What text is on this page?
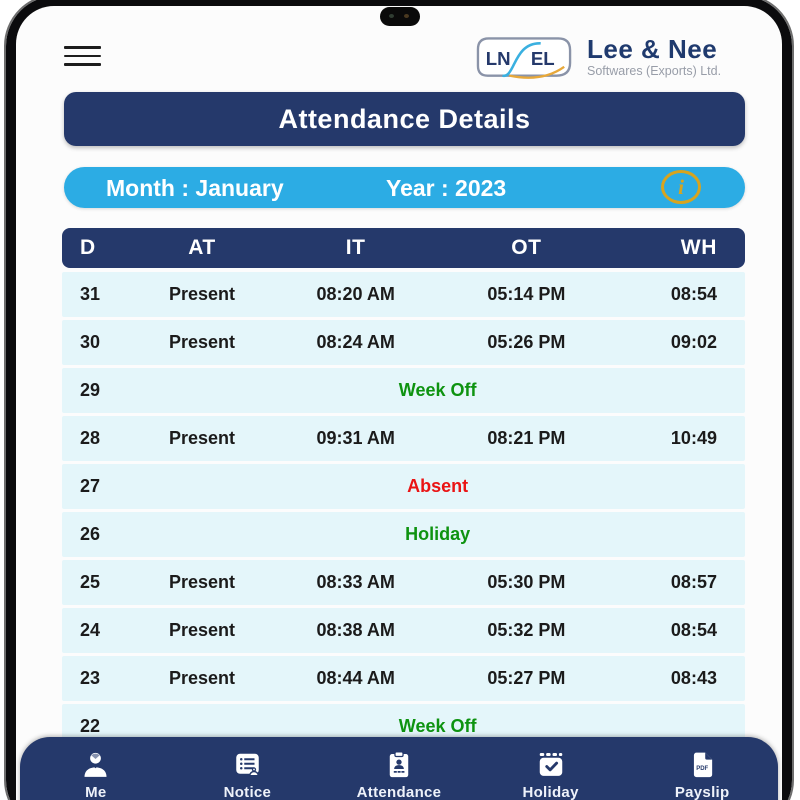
LN EL Lee & Nee
Softwares (Exports) Ltd.
Attendance Details
Month : January	Year : 2023	i
D	AT	IT	OT	WH
31	Present	08:20 AM	05:14 PM	08:54
30	Present	08:24 AM	05:26 PM	09:02
29	Week Off
28	Present	09:31 AM	08:21 PM	10:49
27	Absent
26	Holiday
25	Present	08:33 AM	05:30 PM	08:57
24	Present	08:38 AM	05:32 PM	08:54
23	Present	08:44 AM	05:27 PM	08:43
22	Week Off
Me	Notice	Attendance	Holiday
PDF
Payslip
